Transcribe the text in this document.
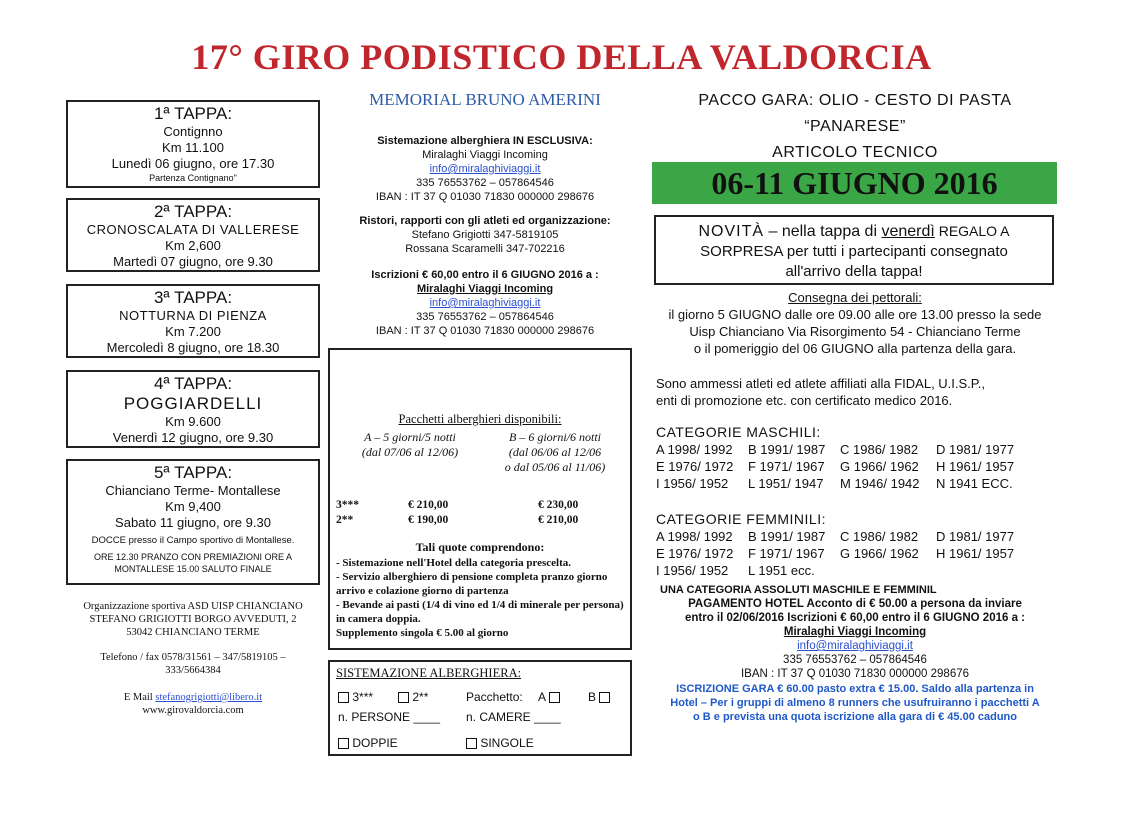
17° GIRO PODISTICO DELLA VALDORCIA
MEMORIAL BRUNO AMERINI
1ª TAPPA:
Contignno
Km 11.100
Lunedì 06 giugno, ore 17.30
Partenza Contignano"
2ª TAPPA:
CRONOSCALATA DI VALLERESE
Km 2,600
Martedì 07 giugno, ore 9.30
3ª TAPPA:
NOTTURNA DI PIENZA
Km 7.200
Mercoledì 8 giugno, ore 18.30
4ª TAPPA:
POGGIARDELLI
Km 9.600
Venerdì 12 giugno, ore 9.30
5ª TAPPA:
Chianciano Terme- Montallese
Km 9,400
Sabato 11 giugno, ore 9.30
DOCCE presso il Campo sportivo di Montallese.
ORE 12.30 PRANZO CON PREMIAZIONI ORE A
MONTALLESE 15.00 SALUTO FINALE
Organizzazione sportiva ASD UISP CHIANCIANO
STEFANO GRIGIOTTI BORGO AVVEDUTI, 2
53042 CHIANCIANO TERME
Telefono / fax 0578/31561 – 347/5819105 –
333/5664384
E Mail stefanogrigiotti@libero.it
www.girovaldorcia.com
Sistemazione alberghiera IN ESCLUSIVA:
Miralaghi Viaggi Incoming
info@miralaghiviaggi.it
335 76553762 – 057864546
IBAN : IT 37 Q 01030 71830 000000 298676
Ristori, rapporti con gli atleti ed organizzazione:
Stefano Grigiotti 347-5819105
Rossana Scaramelli 347-702216
Iscrizioni € 60,00 entro il 6 GIUGNO 2016 a :
Miralaghi Viaggi Incoming
info@miralaghiviaggi.it
335 76553762 – 057864546
IBAN : IT 37 Q 01030 71830 000000 298676
Pacchetti alberghieri disponibili:
A – 5 giorni/5 notti
(dal 07/06 al 12/06)
B – 6 giorni/6 notti
(dal 06/06 al 12/06
o dal 05/06 al 11/06)
3***	€ 210,00	€ 230,00
2**	€ 190,00	€ 210,00
Tali quote comprendono:
- Sistemazione nell'Hotel della categoria prescelta.
- Servizio alberghiero di pensione completa pranzo giorno arrivo e colazione giorno di partenza
- Bevande ai pasti (1/4 di vino ed 1/4 di minerale per persona) in camera doppia.
Supplemento singola € 5.00 al giorno
SISTEMAZIONE ALBERGHIERA:
3***	2**	Pacchetto: A	B
n. PERSONE ____ n. CAMERE ____
DOPPIE	SINGOLE
PACCO GARA: OLIO - CESTO DI PASTA
“PANARESE”
ARTICOLO TECNICO
06-11 GIUGNO 2016
NOVITÀ – nella tappa di venerdì REGALO A
SORPRESA per tutti i partecipanti consegnato
all'arrivo della tappa!
Consegna dei pettorali:
il giorno 5 GIUGNO dalle ore 09.00 alle ore 13.00 presso la sede
Uisp Chianciano Via Risorgimento 54 - Chianciano Terme
o il pomeriggio del 06 GIUGNO alla partenza della gara.
Sono ammessi atleti ed atlete affiliati alla FIDAL, U.I.S.P.,
enti di promozione etc. con certificato medico 2016.
CATEGORIE MASCHILI:
A 1998/ 1992	B 1991/ 1987	C 1986/ 1982	D 1981/ 1977
E 1976/ 1972	F 1971/ 1967	G 1966/ 1962	H 1961/ 1957
I 1956/ 1952	L 1951/ 1947	M 1946/ 1942	N 1941 ECC.
CATEGORIE FEMMINILI:
A 1998/ 1992	B 1991/ 1987	C 1986/ 1982	D 1981/ 1977
E 1976/ 1972	F 1971/ 1967	G 1966/ 1962	H 1961/ 1957
I 1956/ 1952	L 1951 ecc.
UNA CATEGORIA ASSOLUTI MASCHILE E FEMMINIL
PAGAMENTO HOTEL Acconto di € 50.00 a persona da inviare
entro il 02/06/2016 Iscrizioni € 60,00 entro il 6 GIUGNO 2016 a :
Miralaghi Viaggi Incoming
info@miralaghiviaggi.it
335 76553762 – 057864546
IBAN : IT 37 Q 01030 71830 000000 298676
ISCRIZIONE GARA € 60.00 pasto extra € 15.00. Saldo alla partenza in
Hotel – Per i gruppi di almeno 8 runners che usufruiranno i pacchetti A
o B e prevista una quota iscrizione alla gara di € 45.00 caduno
